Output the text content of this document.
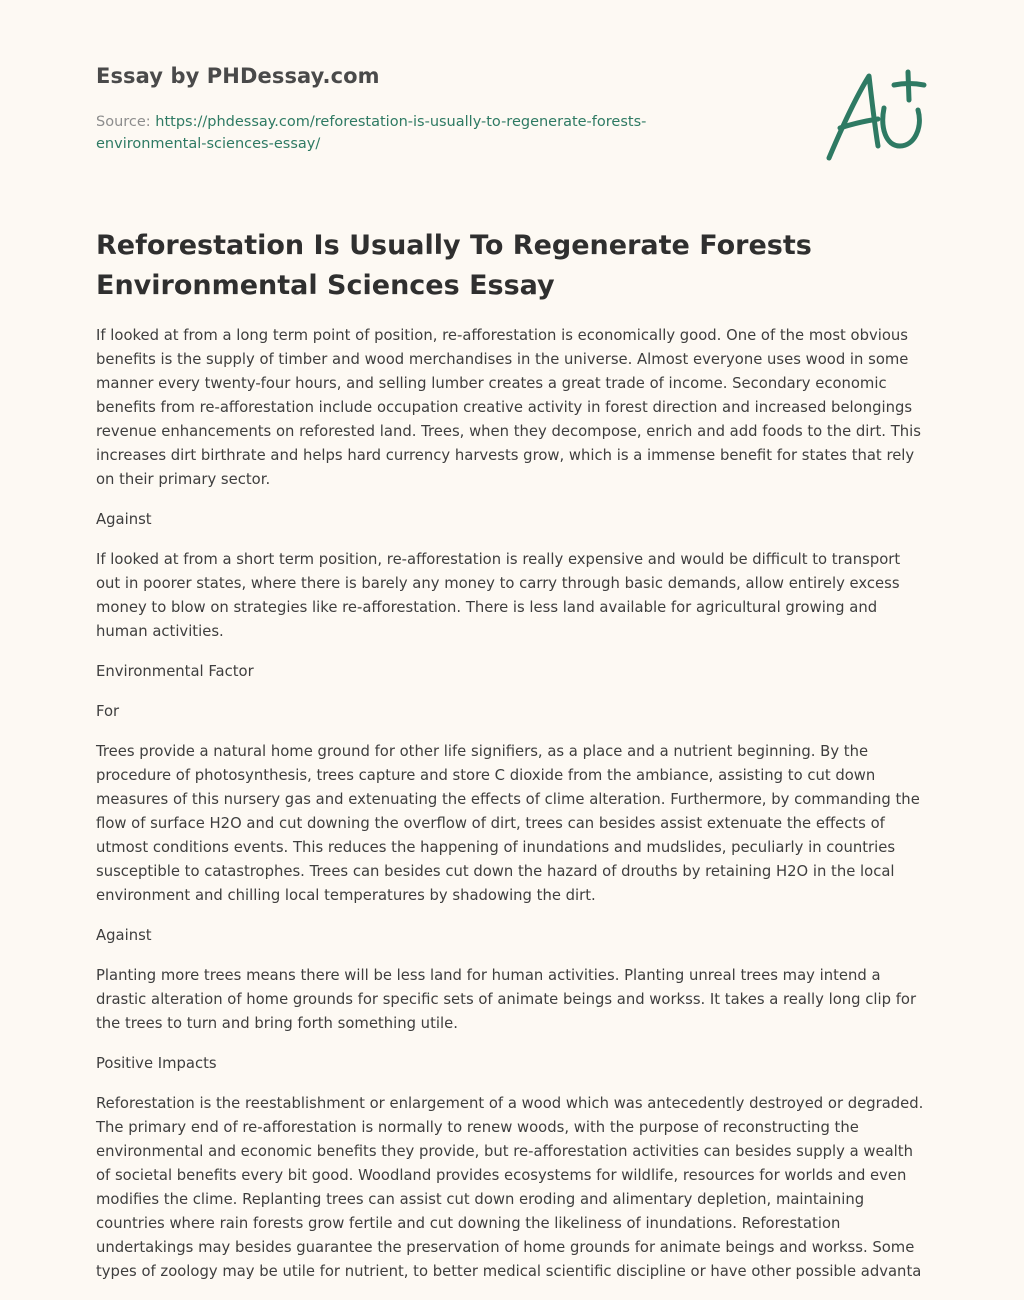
Essay by PHDessay.com

Source: https://phdessay.com/reforestation-is-usually-to-regenerate-forests-
environmental-sciences-essay/

Reforestation Is Usually To Regenerate Forests
Environmental Sciences Essay

If looked at from a long term point of position, re-afforestation is economically good. One of the most obvious benefits is the supply of timber and wood merchandises in the universe. Almost everyone uses wood in some manner every twenty-four hours, and selling lumber creates a great trade of income. Secondary economic benefits from re-afforestation include occupation creative activity in forest direction and increased belongings revenue enhancements on reforested land. Trees, when they decompose, enrich and add foods to the dirt. This increases dirt birthrate and helps hard currency harvests grow, which is a immense benefit for states that rely on their primary sector.

Against

If looked at from a short term position, re-afforestation is really expensive and would be difficult to transport out in poorer states, where there is barely any money to carry through basic demands, allow entirely excess money to blow on strategies like re-afforestation. There is less land available for agricultural growing and human activities.

Environmental Factor

For

Trees provide a natural home ground for other life signifiers, as a place and a nutrient beginning. By the procedure of photosynthesis, trees capture and store C dioxide from the ambiance, assisting to cut down measures of this nursery gas and extenuating the effects of clime alteration. Furthermore, by commanding the flow of surface H2O and cut downing the overflow of dirt, trees can besides assist extenuate the effects of utmost conditions events. This reduces the happening of inundations and mudslides, peculiarly in countries susceptible to catastrophes. Trees can besides cut down the hazard of drouths by retaining H2O in the local environment and chilling local temperatures by shadowing the dirt.

Against

Planting more trees means there will be less land for human activities. Planting unreal trees may intend a drastic alteration of home grounds for specific sets of animate beings and workss. It takes a really long clip for the trees to turn and bring forth something utile.

Positive Impacts

Reforestation is the reestablishment or enlargement of a wood which was antecedently destroyed or degraded. The primary end of re-afforestation is normally to renew woods, with the purpose of reconstructing the environmental and economic benefits they provide, but re-afforestation activities can besides supply a wealth of societal benefits every bit good. Woodland provides ecosystems for wildlife, resources for worlds and even modifies the clime. Replanting trees can assist cut down eroding and alimentary depletion, maintaining countries where rain forests grow fertile and cut downing the likeliness of inundations. Reforestation undertakings may besides guarantee the preservation of home grounds for animate beings and workss. Some types of zoology may be utile for nutrient, to better medical scientific discipline or have other possible advanta
